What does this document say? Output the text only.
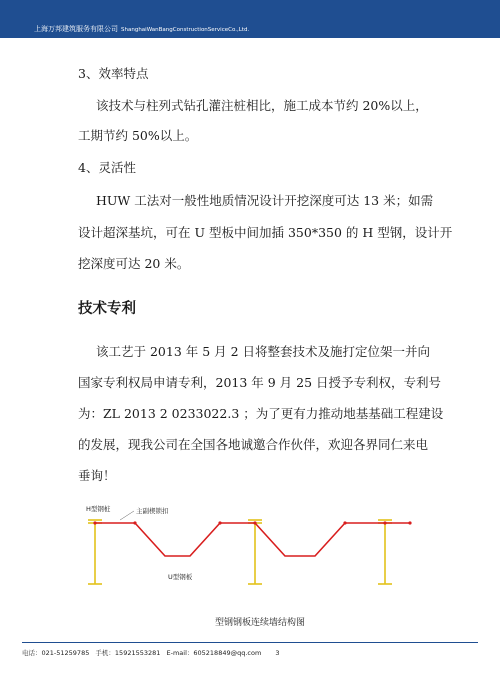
上海万邦建筑服务有限公司 ShanghaiWanBangConstructionServiceCo.,Ltd.
3、效率特点
该技术与柱列式钻孔灌注桩相比，施工成本节约 20%以上，
工期节约 50%以上。
4、灵活性
HUW 工法对一般性地质情况设计开挖深度可达 13 米；如需
设计超深基坑，可在 U 型板中间加插 350*350 的 H 型钢，设计开
挖深度可达 20 米。
技术专利
该工艺于 2013 年 5 月 2 日将整套技术及施打定位架一并向
国家专利权局申请专利，2013 年 9 月 25 日授予专利权，专利号
为：ZL 2013 2 0233022.3 ；为了更有力推动地基基础工程建设
的发展，现我公司在全国各地诚邀合作伙伴，欢迎各界同仁来电
垂询！
H型钢桩	主副楔锁扣
U型钢板
型钢钢板连续墙结构图
电话：021-51259785 手机：15921553281 E-mail：605218849@qq.com 3
